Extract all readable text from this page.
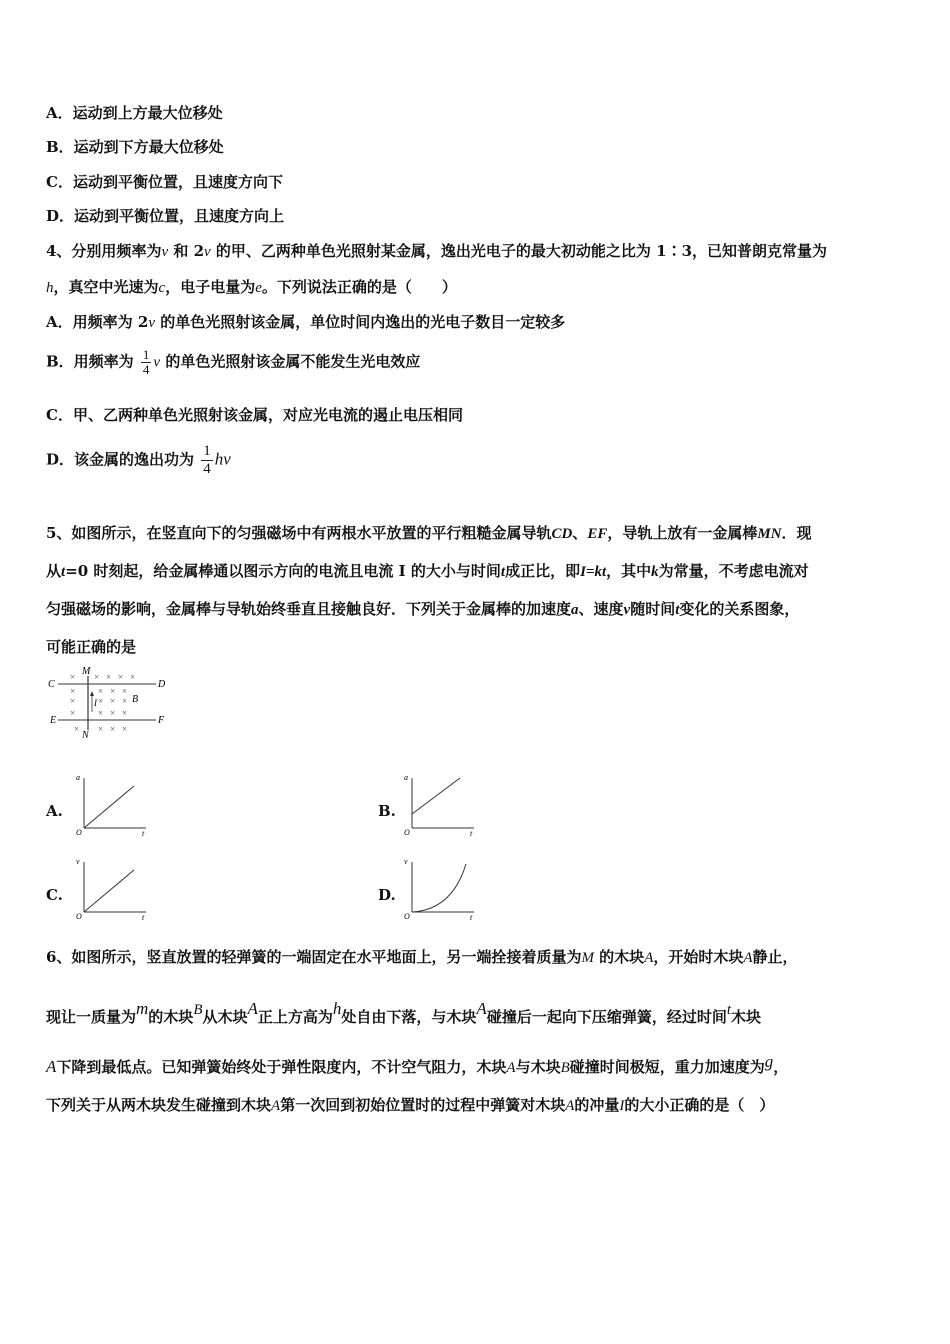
A．运动到上方最大位移处
B．运动到下方最大位移处
C．运动到平衡位置，且速度方向下
D．运动到平衡位置，且速度方向上
4、分别用频率为v 和 2v 的甲、乙两种单色光照射某金属，逸出光电子的最大初动能之比为 1∶3，已知普朗克常量为
h，真空中光速为c，电子电量为e。下列说法正确的是（　　）
A．用频率为 2v 的单色光照射该金属，单位时间内逸出的光电子数目一定较多
B．用频率为 $\frac{1}{4}$ ν 的单色光照射该金属不能发生光电效应
C．甲、乙两种单色光照射该金属，对应光电流的遏止电压相同
D．该金属的逸出功为 $\frac{1}{4}$ hν
5、如图所示，在竖直向下的匀强磁场中有两根水平放置的平行粗糙金属导轨CD、EF，导轨上放有一金属棒MN．现
从t=0 时刻起，给金属棒通以图示方向的电流且电流 I 的大小与时间t成正比，即I=kt，其中k为常量，不考虑电流对
匀强磁场的影响，金属棒与导轨始终垂直且接触良好．下列关于金属棒的加速度a、速度v随时间t变化的关系图象，
可能正确的是
M
C	D
E	F
N
B
I
× × × × ×
×	× × ×
×	× × ×
×	× × ×
× × × ×
A.
a
O	t
B.
a
O	t
C.
v
O	t
D.
v
O	t
6、如图所示，竖直放置的轻弹簧的一端固定在水平地面上，另一端拴接着质量为M 的木块A，开始时木块A静止，
现让一质量为m的木块B从木块A正上方高为h处自由下落，与木块A碰撞后一起向下压缩弹簧，经过时间t木块
A下降到最低点。已知弹簧始终处于弹性限度内，不计空气阻力，木块A与木块B碰撞时间极短，重力加速度为g，
下列关于从两木块发生碰撞到木块A第一次回到初始位置时的过程中弹簧对木块A的冲量I的大小正确的是（　）
